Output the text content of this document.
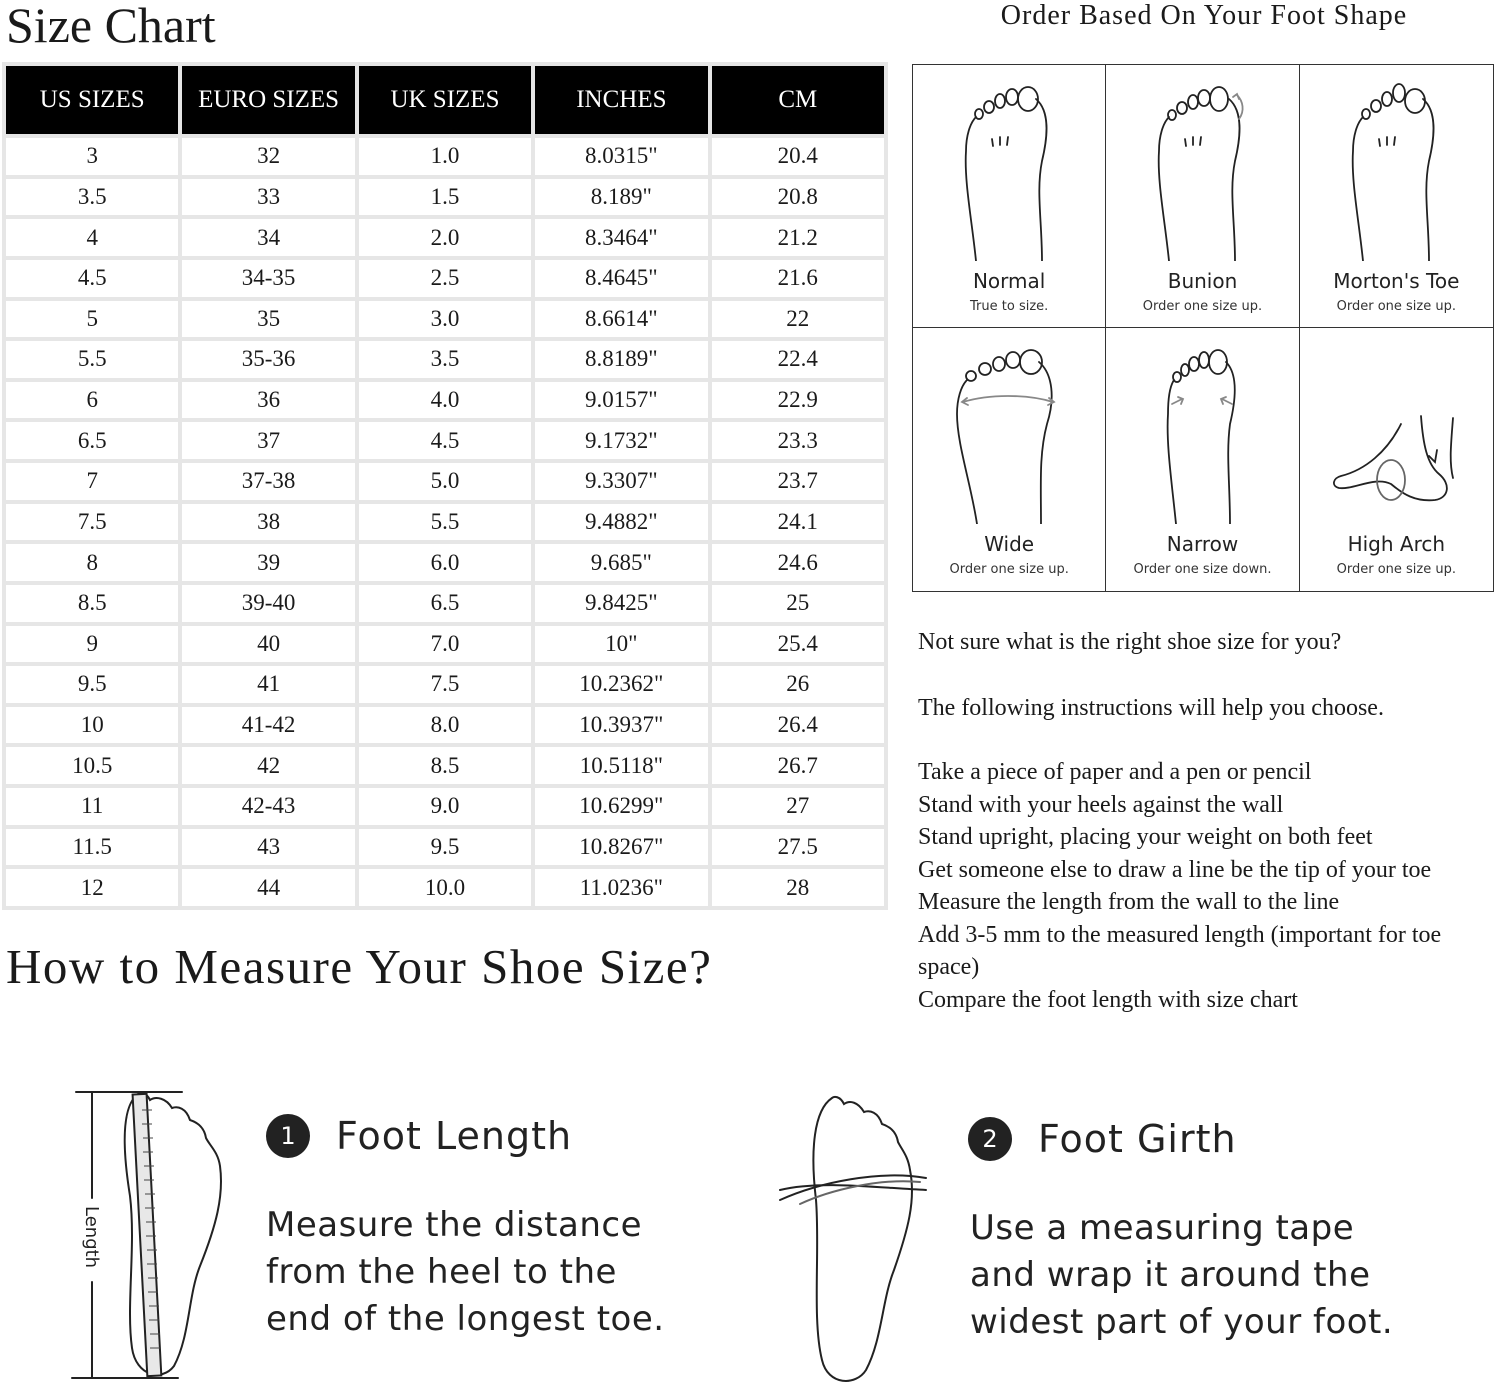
Size Chart
US SIZES	EURO SIZES	UK SIZES	INCHES	CM
3	32	1.0	8.0315"	20.4
3.5	33	1.5	8.189"	20.8
4	34	2.0	8.3464"	21.2
4.5	34-35	2.5	8.4645"	21.6
5	35	3.0	8.6614"	22
5.5	35-36	3.5	8.8189"	22.4
6	36	4.0	9.0157"	22.9
6.5	37	4.5	9.1732"	23.3
7	37-38	5.0	9.3307"	23.7
7.5	38	5.5	9.4882"	24.1
8	39	6.0	9.685"	24.6
8.5	39-40	6.5	9.8425"	25
9	40	7.0	10"	25.4
9.5	41	7.5	10.2362"	26
10	41-42	8.0	10.3937"	26.4
10.5	42	8.5	10.5118"	26.7
11	42-43	9.0	10.6299"	27
11.5	43	9.5	10.8267"	27.5
12	44	10.0	11.0236"	28
Order Based On Your Foot Shape
Normal
True to size.
Bunion
Order one size up.
Morton's Toe
Order one size up.
Wide
Order one size up.
Narrow
Order one size down.
High Arch
Order one size up.

Not sure what is the right shoe size for you?

The following instructions will help you choose.

Take a piece of paper and a pen or pencil

Stand with your heels against the wall

Stand upright, placing your weight on both feet

Get someone else to draw a line be the tip of your toe

Measure the length from the wall to the line

Add 3-5 mm to the measured length (important for toe space)

Compare the foot length with size chart

How to Measure Your Shoe Size?
Length
1	Foot Length
Measure the distance from the heel to the end of the longest toe.
2	Foot Girth
Use a measuring tape and wrap it around the widest part of your foot.
